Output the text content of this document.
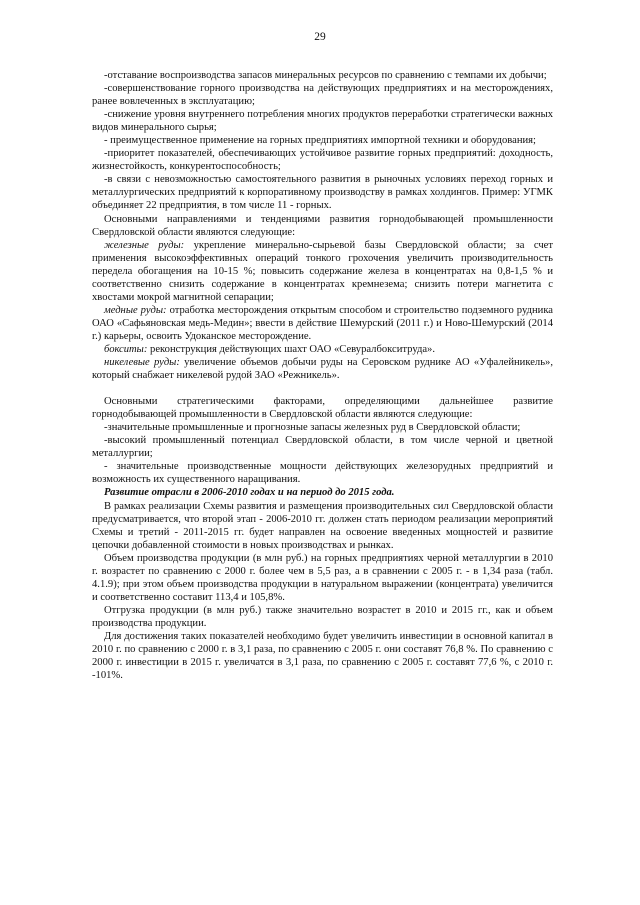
29

-отставание воспроизводства запасов минеральных ресурсов по сравнению с темпами их добычи;

-совершенствование горного производства на действующих предприятиях и на месторождениях, ранее вовлеченных в эксплуатацию;

-снижение уровня внутреннего потребления многих продуктов переработки стратегически важных видов минерального сырья;

- преимущественное применение на горных предприятиях импортной техники и оборудования;

-приоритет показателей, обеспечивающих устойчивое развитие горных предприятий: доходность, жизнестойкость, конкурентоспособность;

-в связи с невозможностью самостоятельного развития в рыночных условиях переход горных и металлургических предприятий к корпоративному производству в рамках холдингов. Пример: УГМК объединяет 22 предприятия, в том числе 11 - горных.

Основными направлениями и тенденциями развития горнодобывающей промышленности Свердловской области являются следующие:

железные руды: укрепление минерально-сырьевой базы Свердловской области; за счет применения высокоэффективных операций тонкого грохочения увеличить производительность передела обогащения на 10-15 %; повысить содержание железа в концентратах на 0,8-1,5 % и соответственно снизить содержание в концентратах кремнезема; снизить потери магнетита с хвостами мокрой магнитной сепарации;

медные руды: отработка месторождения открытым способом и строительство подземного рудника ОАО «Сафьяновская медь-Медин»; ввести в действие Шемурский (2011 г.) и Ново-Шемурский (2014 г.) карьеры, освоить Удоканское месторождение.

бокситы: реконструкция действующих шахт ОАО «Севуралбокситруда».

никелевые руды: увеличение объемов добычи руды на Серовском руднике АО «Уфалейникель», который снабжает никелевой рудой ЗАО «Режникель».

Основными стратегическими факторами, определяющими дальнейшее развитие горнодобывающей промышленности в Свердловской области являются следующие:

-значительные промышленные и прогнозные запасы железных руд в Свердловской области;

-высокий промышленный потенциал Свердловской области, в том числе черной и цветной металлургии;

- значительные производственные мощности действующих железорудных предприятий и возможность их существенного наращивания.

Развитие отрасли в 2006-2010 годах и на период до 2015 года.

В рамках реализации Схемы развития и размещения производительных сил Свердловской области предусматривается, что второй этап - 2006-2010 гг. должен стать периодом реализации мероприятий Схемы и третий - 2011-2015 гг. будет направлен на освоение введенных мощностей и развитие цепочки добавленной стоимости в новых производствах и рынках.

Объем производства продукции (в млн руб.) на горных предприятиях черной металлургии в 2010 г. возрастет по сравнению с 2000 г. более чем в 5,5 раз, а в сравнении с 2005 г. - в 1,34 раза (табл. 4.1.9); при этом объем производства продукции в натуральном выражении (концентрата) увеличится и соответственно составит 113,4 и 105,8%.

Отгрузка продукции (в млн руб.) также значительно возрастет в 2010 и 2015 гг., как и объем производства продукции.

Для достижения таких показателей необходимо будет увеличить инвестиции в основной капитал в 2010 г. по сравнению с 2000 г. в 3,1 раза, по сравнению с 2005 г. они составят 76,8 %. По сравнению с 2000 г. инвестиции в 2015 г. увеличатся в 3,1 раза, по сравнению с 2005 г. составят 77,6 %, с 2010 г. -101%.
